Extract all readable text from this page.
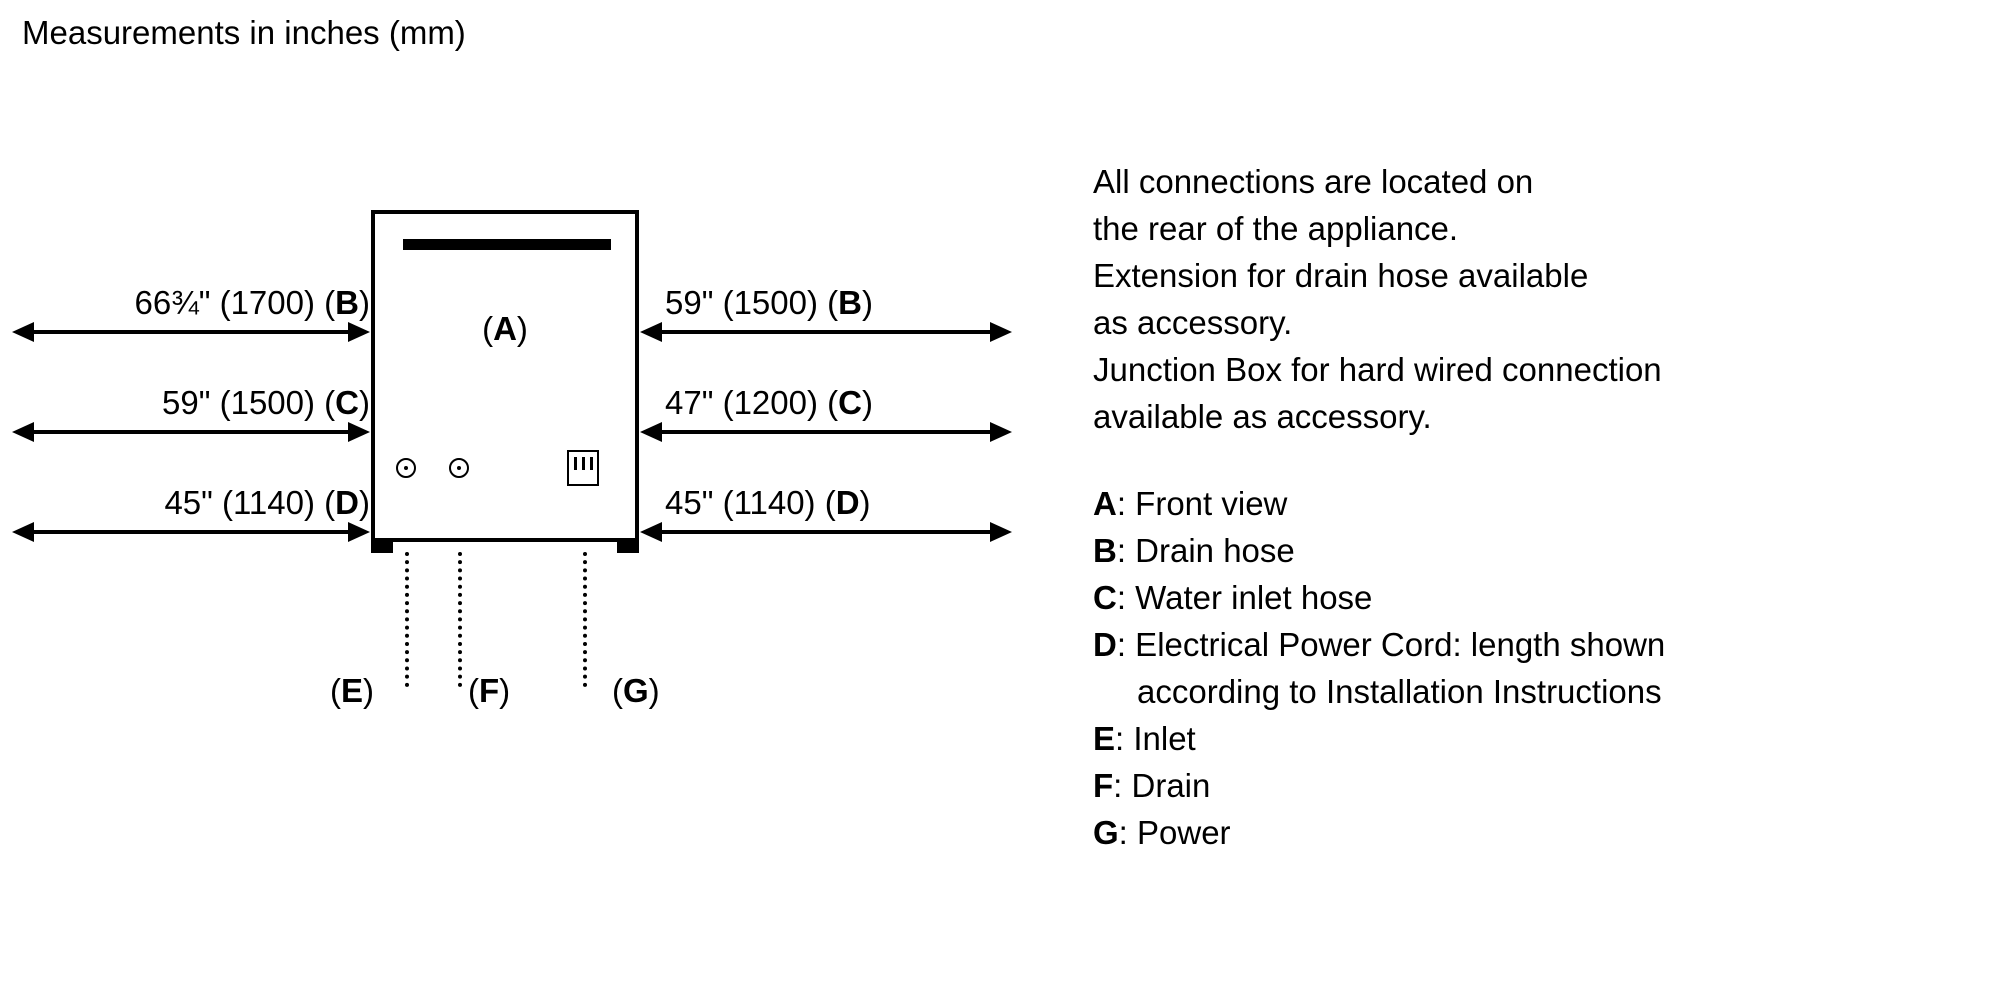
Measurements in inches (mm)
66¾" (1700) (B)
59" (1500) (C)
45" (1140) (D)
59" (1500) (B)
47" (1200) (C)
45" (1140) (D)
(A)
(E)	(F)	(G)
All connections are located on
the rear of the appliance.
Extension for drain hose available
as accessory.
Junction Box for hard wired connection
available as accessory.
A: Front view
B: Drain hose
C: Water inlet hose
D: Electrical Power Cord: length shown
according to Installation Instructions
E: Inlet
F: Drain
G: Power
